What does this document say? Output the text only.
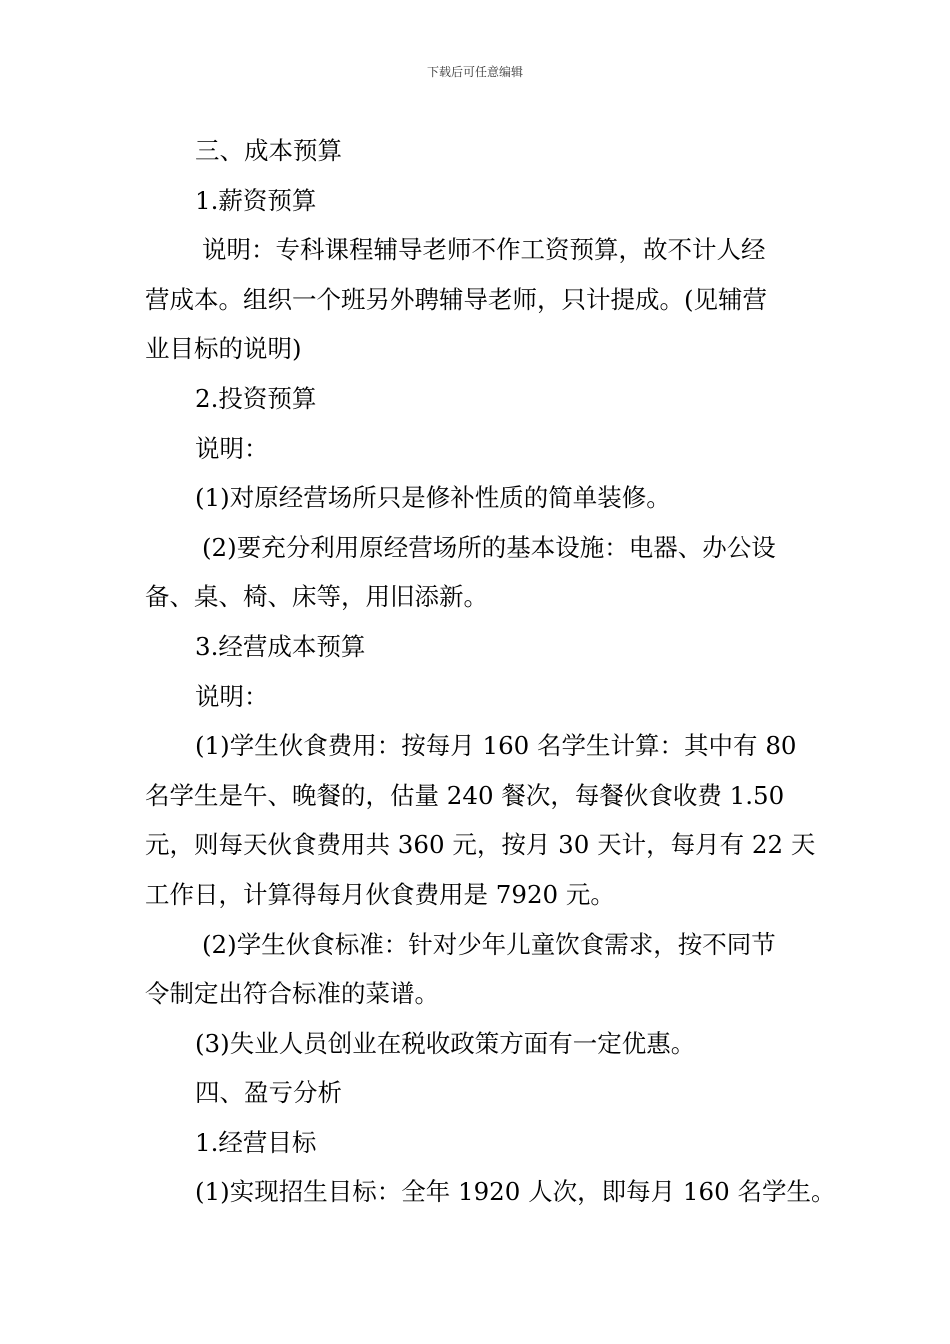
下载后可任意编辑

三、成本预算

1.薪资预算

说明：专科课程辅导老师不作工资预算，故不计人经

营成本。组织一个班另外聘辅导老师，只计提成。(见辅营

业目标的说明)

2.投资预算

说明：

(1)对原经营场所只是修补性质的简单装修。

(2)要充分利用原经营场所的基本设施：电器、办公设

备、桌、椅、床等，用旧添新。

3.经营成本预算

说明：

(1)学生伙食费用：按每月 160 名学生计算：其中有 80

名学生是午、晚餐的，估量 240 餐次，每餐伙食收费 1.50

元，则每天伙食费用共 360 元，按月 30 天计，每月有 22 天

工作日，计算得每月伙食费用是 7920 元。

(2)学生伙食标准：针对少年儿童饮食需求，按不同节

令制定出符合标准的菜谱。

(3)失业人员创业在税收政策方面有一定优惠。

四、盈亏分析

1.经营目标

(1)实现招生目标：全年 1920 人次，即每月 160 名学生。
